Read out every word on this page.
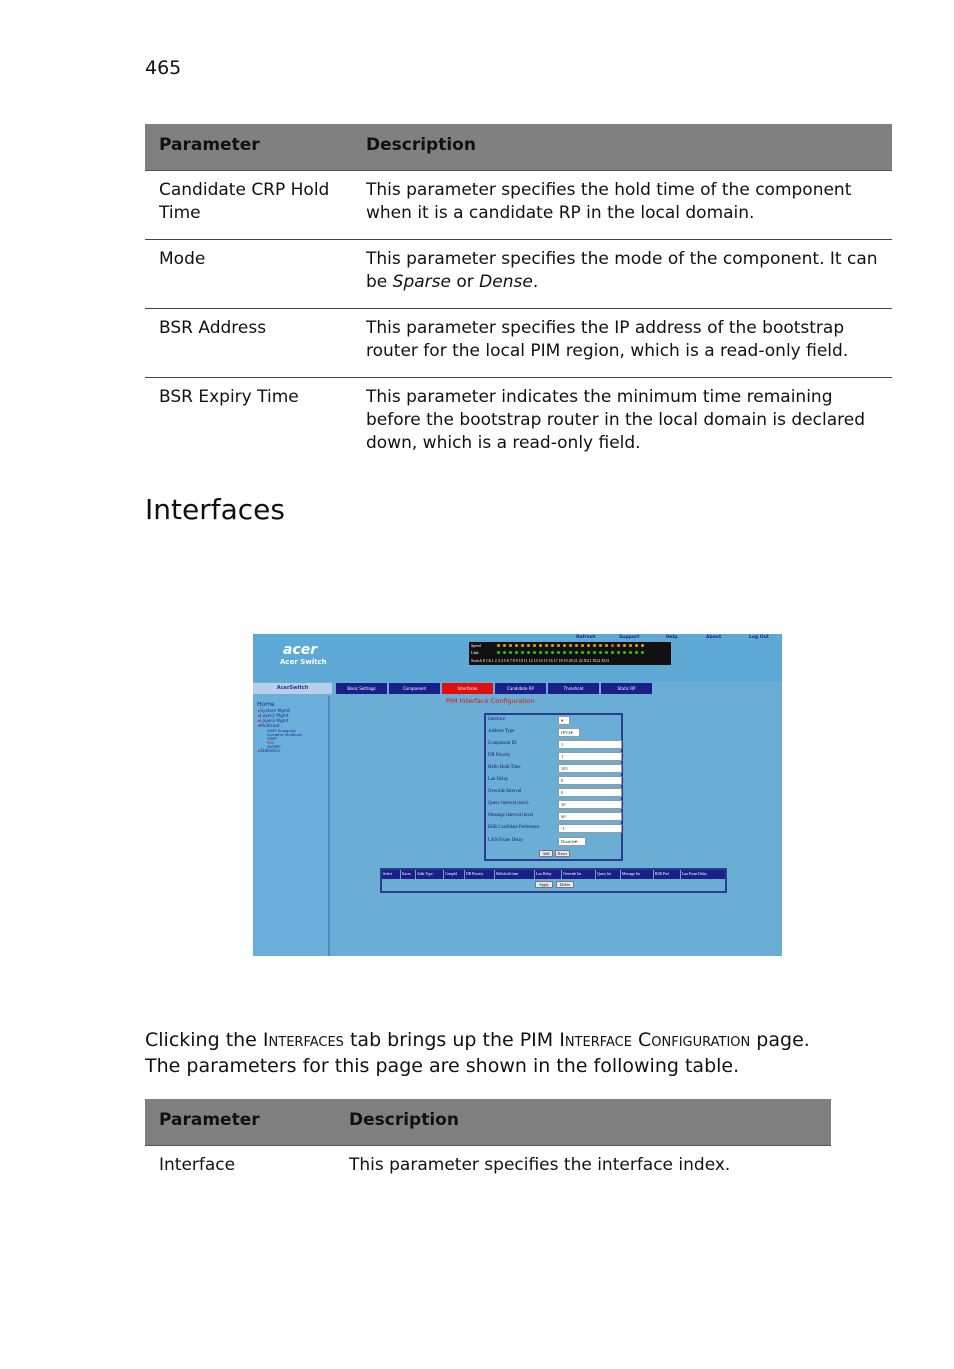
465
Parameter	Description
Candidate CRP Hold Time	This parameter specifies the hold time of the component when it is a candidate RP in the local domain.
Mode	This parameter specifies the mode of the component. It can be Sparse or Dense.
BSR Address	This parameter specifies the IP address of the bootstrap router for the local PIM region, which is a read-only field.
BSR Expiry Time	This parameter indicates the minimum time remaining before the bootstrap router in the local domain is declared down, which is a read-only field.
Interfaces
acer
Acer Switch
Refresh	Support	Help	About	Log Out
Speed
Link
Switch 0 Ch 1 2 3 4 5 6 7 8 9 10 11 12 13 14 15 16 17 18 19 20 21 22 XG1 XG2 XG3
AcerSwitch	Basic Settings	Component	Interfaces	Candidate RP	Threshold	Static RP
Home
▸System Mgmt
▸Layer2 Mgmt
▸Layer3 Mgmt
▾Multicast
IGMP Snooping
Dynamic Multicast
IGMP
PIM
DVMRP
▸Statistics
PIM Interface Configuration
Interface	▾
Address Type	IPV4▾
Component ID	1
DR Priority	1
Hello Hold Time	105
Lan Delay	0
Override Interval	0
Query Interval (secs)	30
Message Interval (secs)	60
BSR Candidate Preference	-1
LAN Prune Delay	Disable▾
Add	Reset
Select	Ifaces	Addr Type	CompId	DR Priority	Hellohold time	Lan Delay	Override Int	Query Int	Message Int	BSR Pref	Lan Prune Delay
Apply	Delete

Clicking the Interfaces tab brings up the PIM Interface Configuration page. The parameters for this page are shown in the following table.

Parameter	Description
Interface	This parameter specifies the interface index.
